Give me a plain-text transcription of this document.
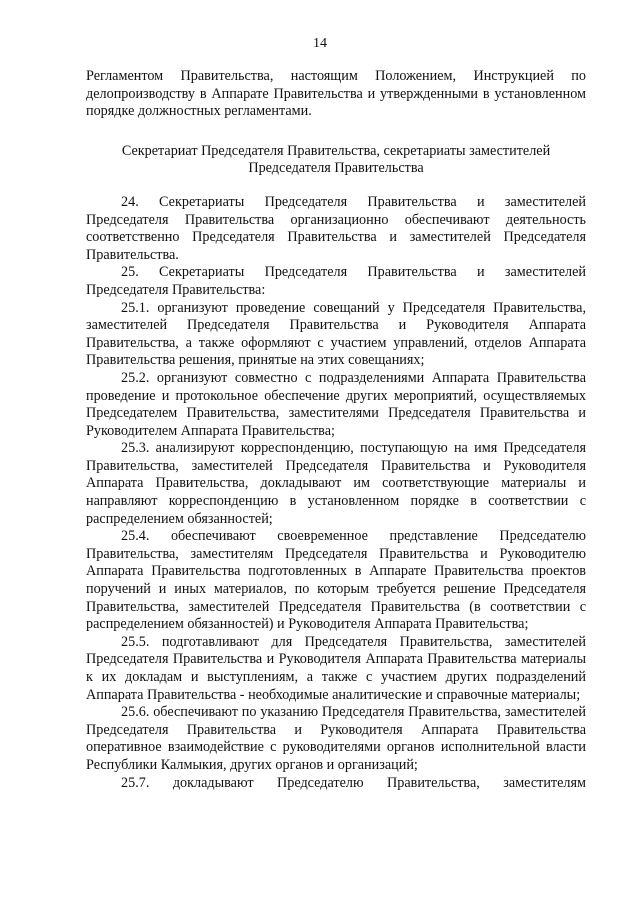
14

Регламентом Правительства, настоящим Положением, Инструкцией по делопроизводству в Аппарате Правительства и утвержденными в установленном порядке должностных регламентами.

Секретариат Председателя Правительства, секретариаты заместителей Председателя Правительства

24. Секретариаты Председателя Правительства и заместителей Председателя Правительства организационно обеспечивают деятельность соответственно Председателя Правительства и заместителей Председателя Правительства.

25. Секретариаты Председателя Правительства и заместителей Председателя Правительства:

25.1. организуют проведение совещаний у Председателя Правительства, заместителей Председателя Правительства и Руководителя Аппарата Правительства, а также оформляют с участием управлений, отделов Аппарата Правительства решения, принятые на этих совещаниях;

25.2. организуют совместно с подразделениями Аппарата Правительства проведение и протокольное обеспечение других мероприятий, осуществляемых Председателем Правительства, заместителями Председателя Правительства и Руководителем Аппарата Правительства;

25.3. анализируют корреспонденцию, поступающую на имя Председателя Правительства, заместителей Председателя Правительства и Руководителя Аппарата Правительства, докладывают им соответствующие материалы и направляют корреспонденцию в установленном порядке в соответствии с распределением обязанностей;

25.4. обеспечивают своевременное представление Председателю Правительства, заместителям Председателя Правительства и Руководителю Аппарата Правительства подготовленных в Аппарате Правительства проектов поручений и иных материалов, по которым требуется решение Председателя Правительства, заместителей Председателя Правительства (в соответствии с распределением обязанностей) и Руководителя Аппарата Правительства;

25.5. подготавливают для Председателя Правительства, заместителей Председателя Правительства и Руководителя Аппарата Правительства материалы к их докладам и выступлениям, а также с участием других подразделений Аппарата Правительства - необходимые аналитические и справочные материалы;

25.6. обеспечивают по указанию Председателя Правительства, заместителей Председателя Правительства и Руководителя Аппарата Правительства оперативное взаимодействие с руководителями органов исполнительной власти Республики Калмыкия, других органов и организаций;

25.7. докладывают Председателю Правительства, заместителям
